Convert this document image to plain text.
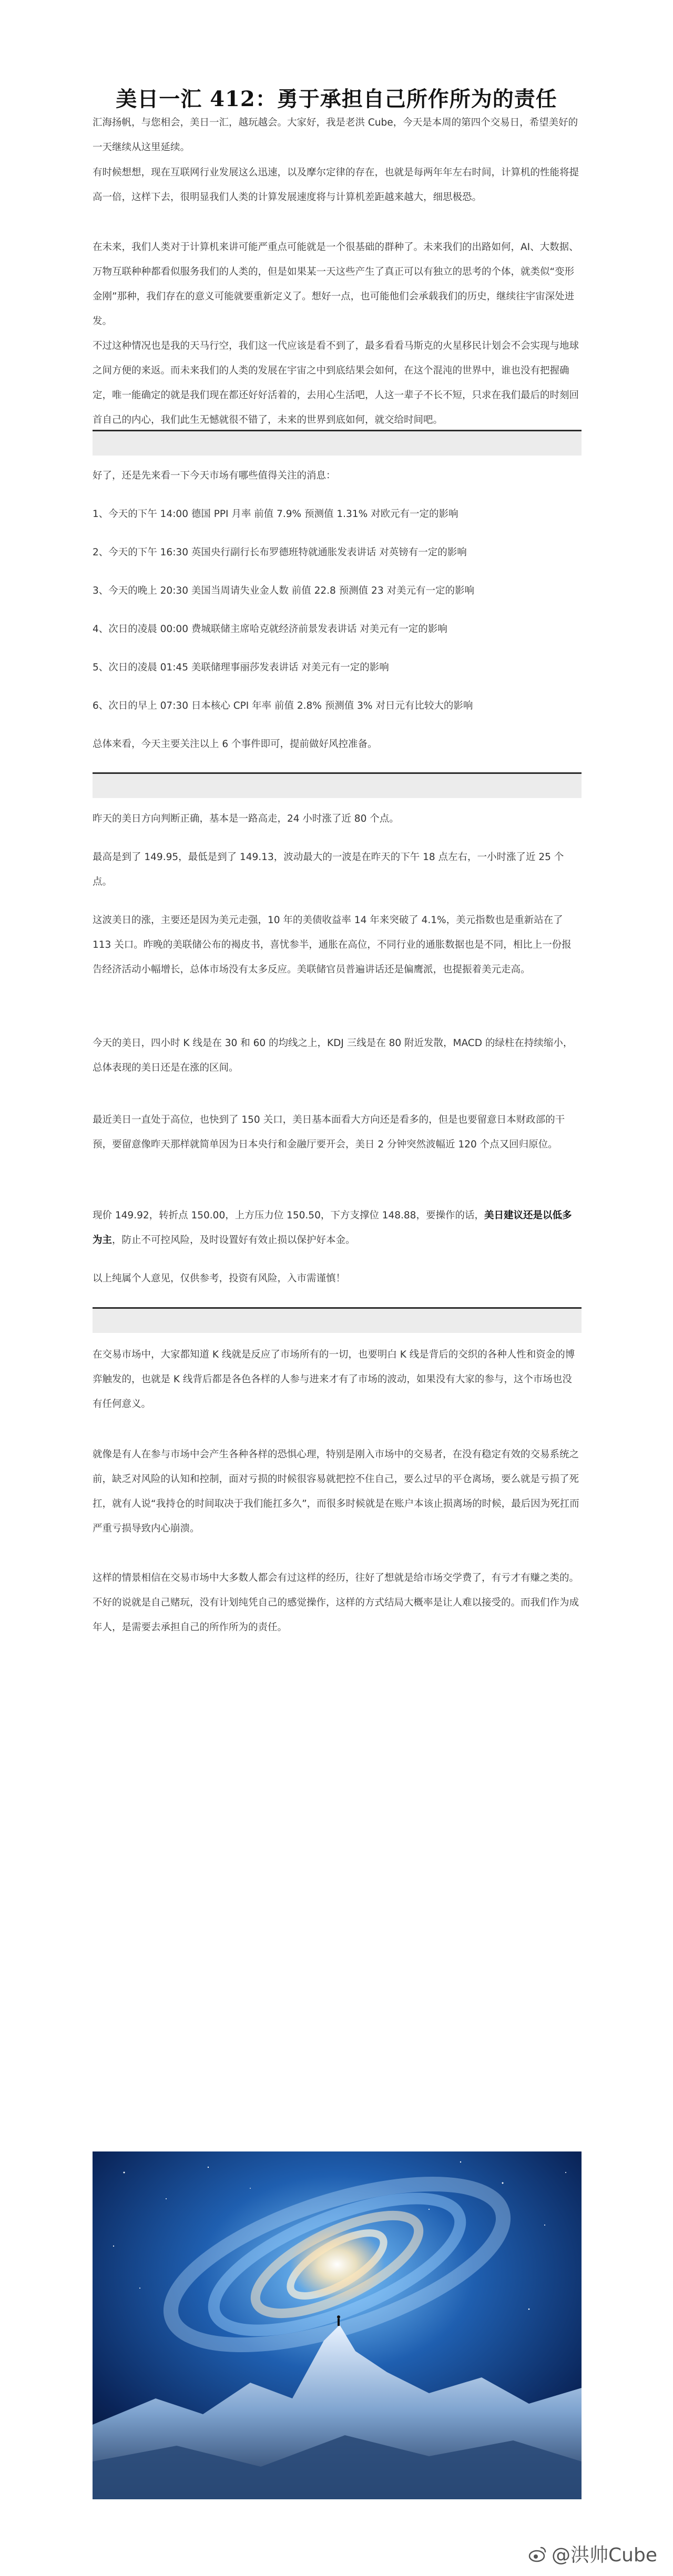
美日一汇 412：勇于承担自己所作所为的责任

汇海扬帆，与您相会，美日一汇，越玩越会。大家好，我是老洪 Cube，今天是本周的第四个交易日，希望美好的一天继续从这里延续。

有时候想想，现在互联网行业发展这么迅速，以及摩尔定律的存在，也就是每两年年左右时间，计算机的性能将提高一倍，这样下去，很明显我们人类的计算发展速度将与计算机差距越来越大，细思极恐。

在未来，我们人类对于计算机来讲可能严重点可能就是一个很基础的群种了。未来我们的出路如何，AI、大数据、万物互联种种都看似服务我们的人类的，但是如果某一天这些产生了真正可以有独立的思考的个体，就类似“变形金刚”那种，我们存在的意义可能就要重新定义了。想好一点，也可能他们会承载我们的历史，继续往宇宙深处进发。

不过这种情况也是我的天马行空，我们这一代应该是看不到了，最多看看马斯克的火星移民计划会不会实现与地球之间方便的来返。而未来我们的人类的发展在宇宙之中到底结果会如何，在这个混沌的世界中，谁也没有把握确定，唯一能确定的就是我们现在都还好好活着的，去用心生活吧，人这一辈子不长不短，只求在我们最后的时刻回首自己的内心，我们此生无憾就很不错了，未来的世界到底如何，就交给时间吧。

好了，还是先来看一下今天市场有哪些值得关注的消息：

1、今天的下午 14:00 德国 PPI 月率 前值 7.9% 预测值 1.31% 对欧元有一定的影响

2、今天的下午 16:30 英国央行副行长布罗德班特就通胀发表讲话 对英镑有一定的影响

3、今天的晚上 20:30 美国当周请失业金人数 前值 22.8 预测值 23 对美元有一定的影响

4、次日的凌晨 00:00 费城联储主席哈克就经济前景发表讲话 对美元有一定的影响

5、次日的凌晨 01:45 美联储理事丽莎发表讲话 对美元有一定的影响

6、次日的早上 07:30 日本核心 CPI 年率 前值 2.8% 预测值 3% 对日元有比较大的影响

总体来看，今天主要关注以上 6 个事件即可，提前做好风控准备。

昨天的美日方向判断正确，基本是一路高走，24 小时涨了近 80 个点。

最高是到了 149.95，最低是到了 149.13，波动最大的一波是在昨天的下午 18 点左右，一小时涨了近 25 个点。

这波美日的涨，主要还是因为美元走强，10 年的美债收益率 14 年来突破了 4.1%，美元指数也是重新站在了 113 关口。昨晚的美联储公布的褐皮书，喜忧参半，通胀在高位，不同行业的通胀数据也是不同，相比上一份报告经济活动小幅增长，总体市场没有太多反应。美联储官员普遍讲话还是偏鹰派，也提振着美元走高。

今天的美日，四小时 K 线是在 30 和 60 的均线之上，KDJ 三线是在 80 附近发散，MACD 的绿柱在持续缩小，总体表现的美日还是在涨的区间。

最近美日一直处于高位，也快到了 150 关口，美日基本面看大方向还是看多的，但是也要留意日本财政部的干预，要留意像昨天那样就简单因为日本央行和金融厅要开会，美日 2 分钟突然波幅近 120 个点又回归原位。

现价 149.92，转折点 150.00，上方压力位 150.50，下方支撑位 148.88，要操作的话，美日建议还是以低多为主，防止不可控风险，及时设置好有效止损以保护好本金。

以上纯属个人意见，仅供参考，投资有风险，入市需谨慎！

在交易市场中，大家都知道 K 线就是反应了市场所有的一切，也要明白 K 线是背后的交织的各种人性和资金的博弈触发的，也就是 K 线背后都是各色各样的人参与进来才有了市场的波动，如果没有大家的参与，这个市场也没有任何意义。

就像是有人在参与市场中会产生各种各样的恐惧心理，特别是刚入市场中的交易者，在没有稳定有效的交易系统之前，缺乏对风险的认知和控制，面对亏损的时候很容易就把控不住自己，要么过早的平仓离场，要么就是亏损了死扛，就有人说“我持仓的时间取决于我们能扛多久”，而很多时候就是在账户本该止损离场的时候，最后因为死扛而严重亏损导致内心崩溃。

这样的情景相信在交易市场中大多数人都会有过这样的经历，往好了想就是给市场交学费了，有亏才有赚之类的。不好的说就是自己赌玩，没有计划纯凭自己的感觉操作，这样的方式结局大概率是让人难以接受的。而我们作为成年人，是需要去承担自己的所作所为的责任。

@洪帅Cube
